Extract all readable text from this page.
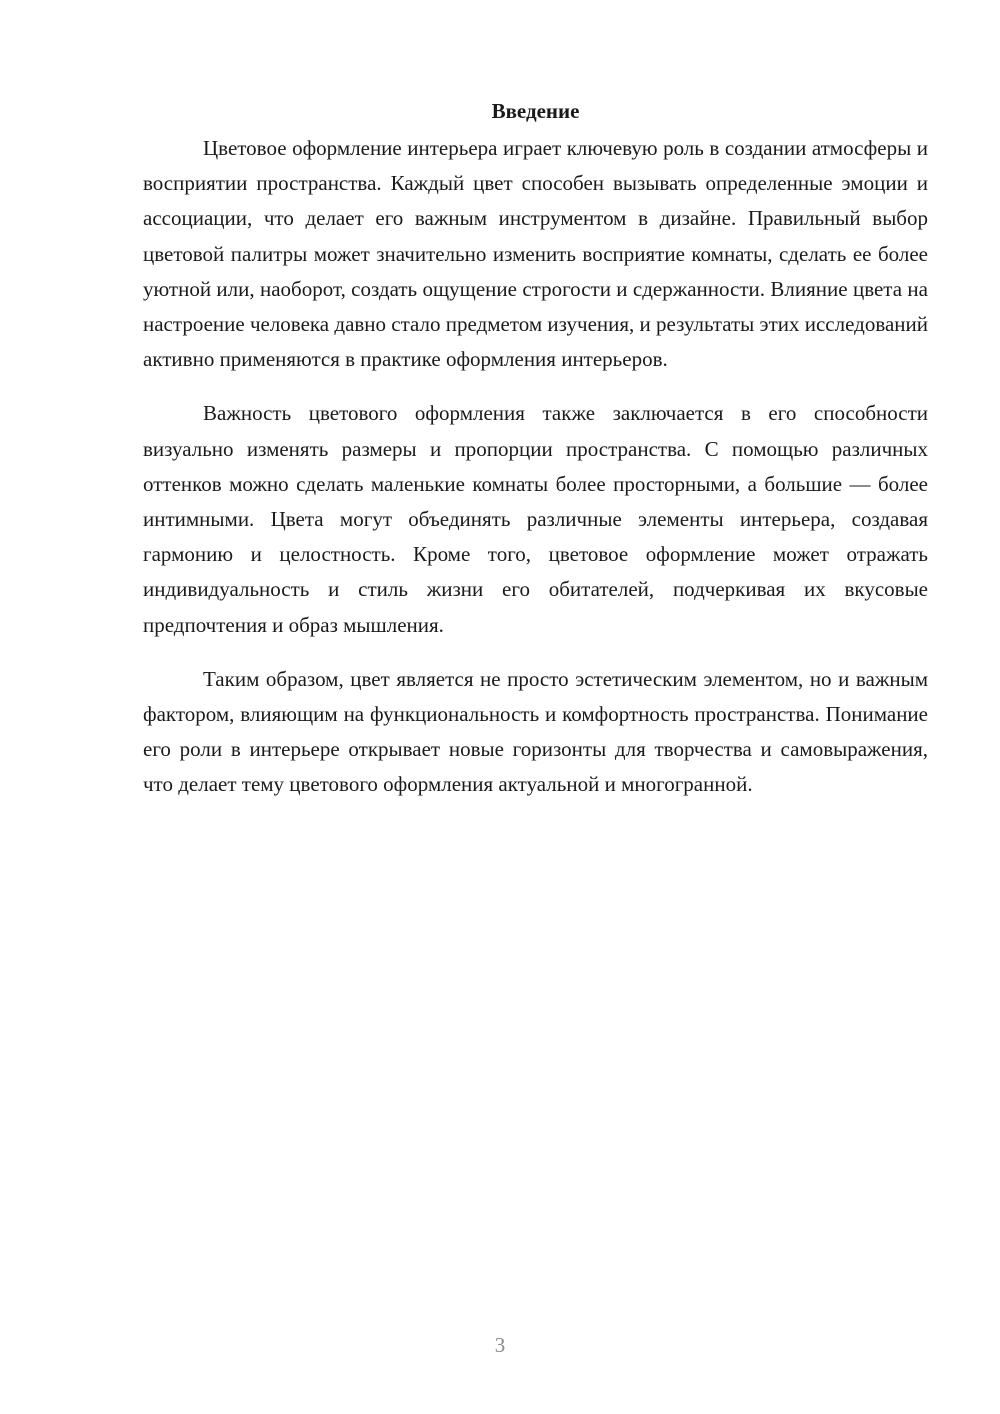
Введение

Цветовое оформление интерьера играет ключевую роль в создании атмосферы и восприятии пространства. Каждый цвет способен вызывать определенные эмоции и ассоциации, что делает его важным инструментом в дизайне. Правильный выбор цветовой палитры может значительно изменить восприятие комнаты, сделать ее более уютной или, наоборот, создать ощущение строгости и сдержанности. Влияние цвета на настроение человека давно стало предметом изучения, и результаты этих исследований активно применяются в практике оформления интерьеров.

Важность цветового оформления также заключается в его способности визуально изменять размеры и пропорции пространства. С помощью различных оттенков можно сделать маленькие комнаты более просторными, а большие — более интимными. Цвета могут объединять различные элементы интерьера, создавая гармонию и целостность. Кроме того, цветовое оформление может отражать индивидуальность и стиль жизни его обитателей, подчеркивая их вкусовые предпочтения и образ мышления.

Таким образом, цвет является не просто эстетическим элементом, но и важным фактором, влияющим на функциональность и комфортность пространства. Понимание его роли в интерьере открывает новые горизонты для творчества и самовыражения, что делает тему цветового оформления актуальной и многогранной.

3
